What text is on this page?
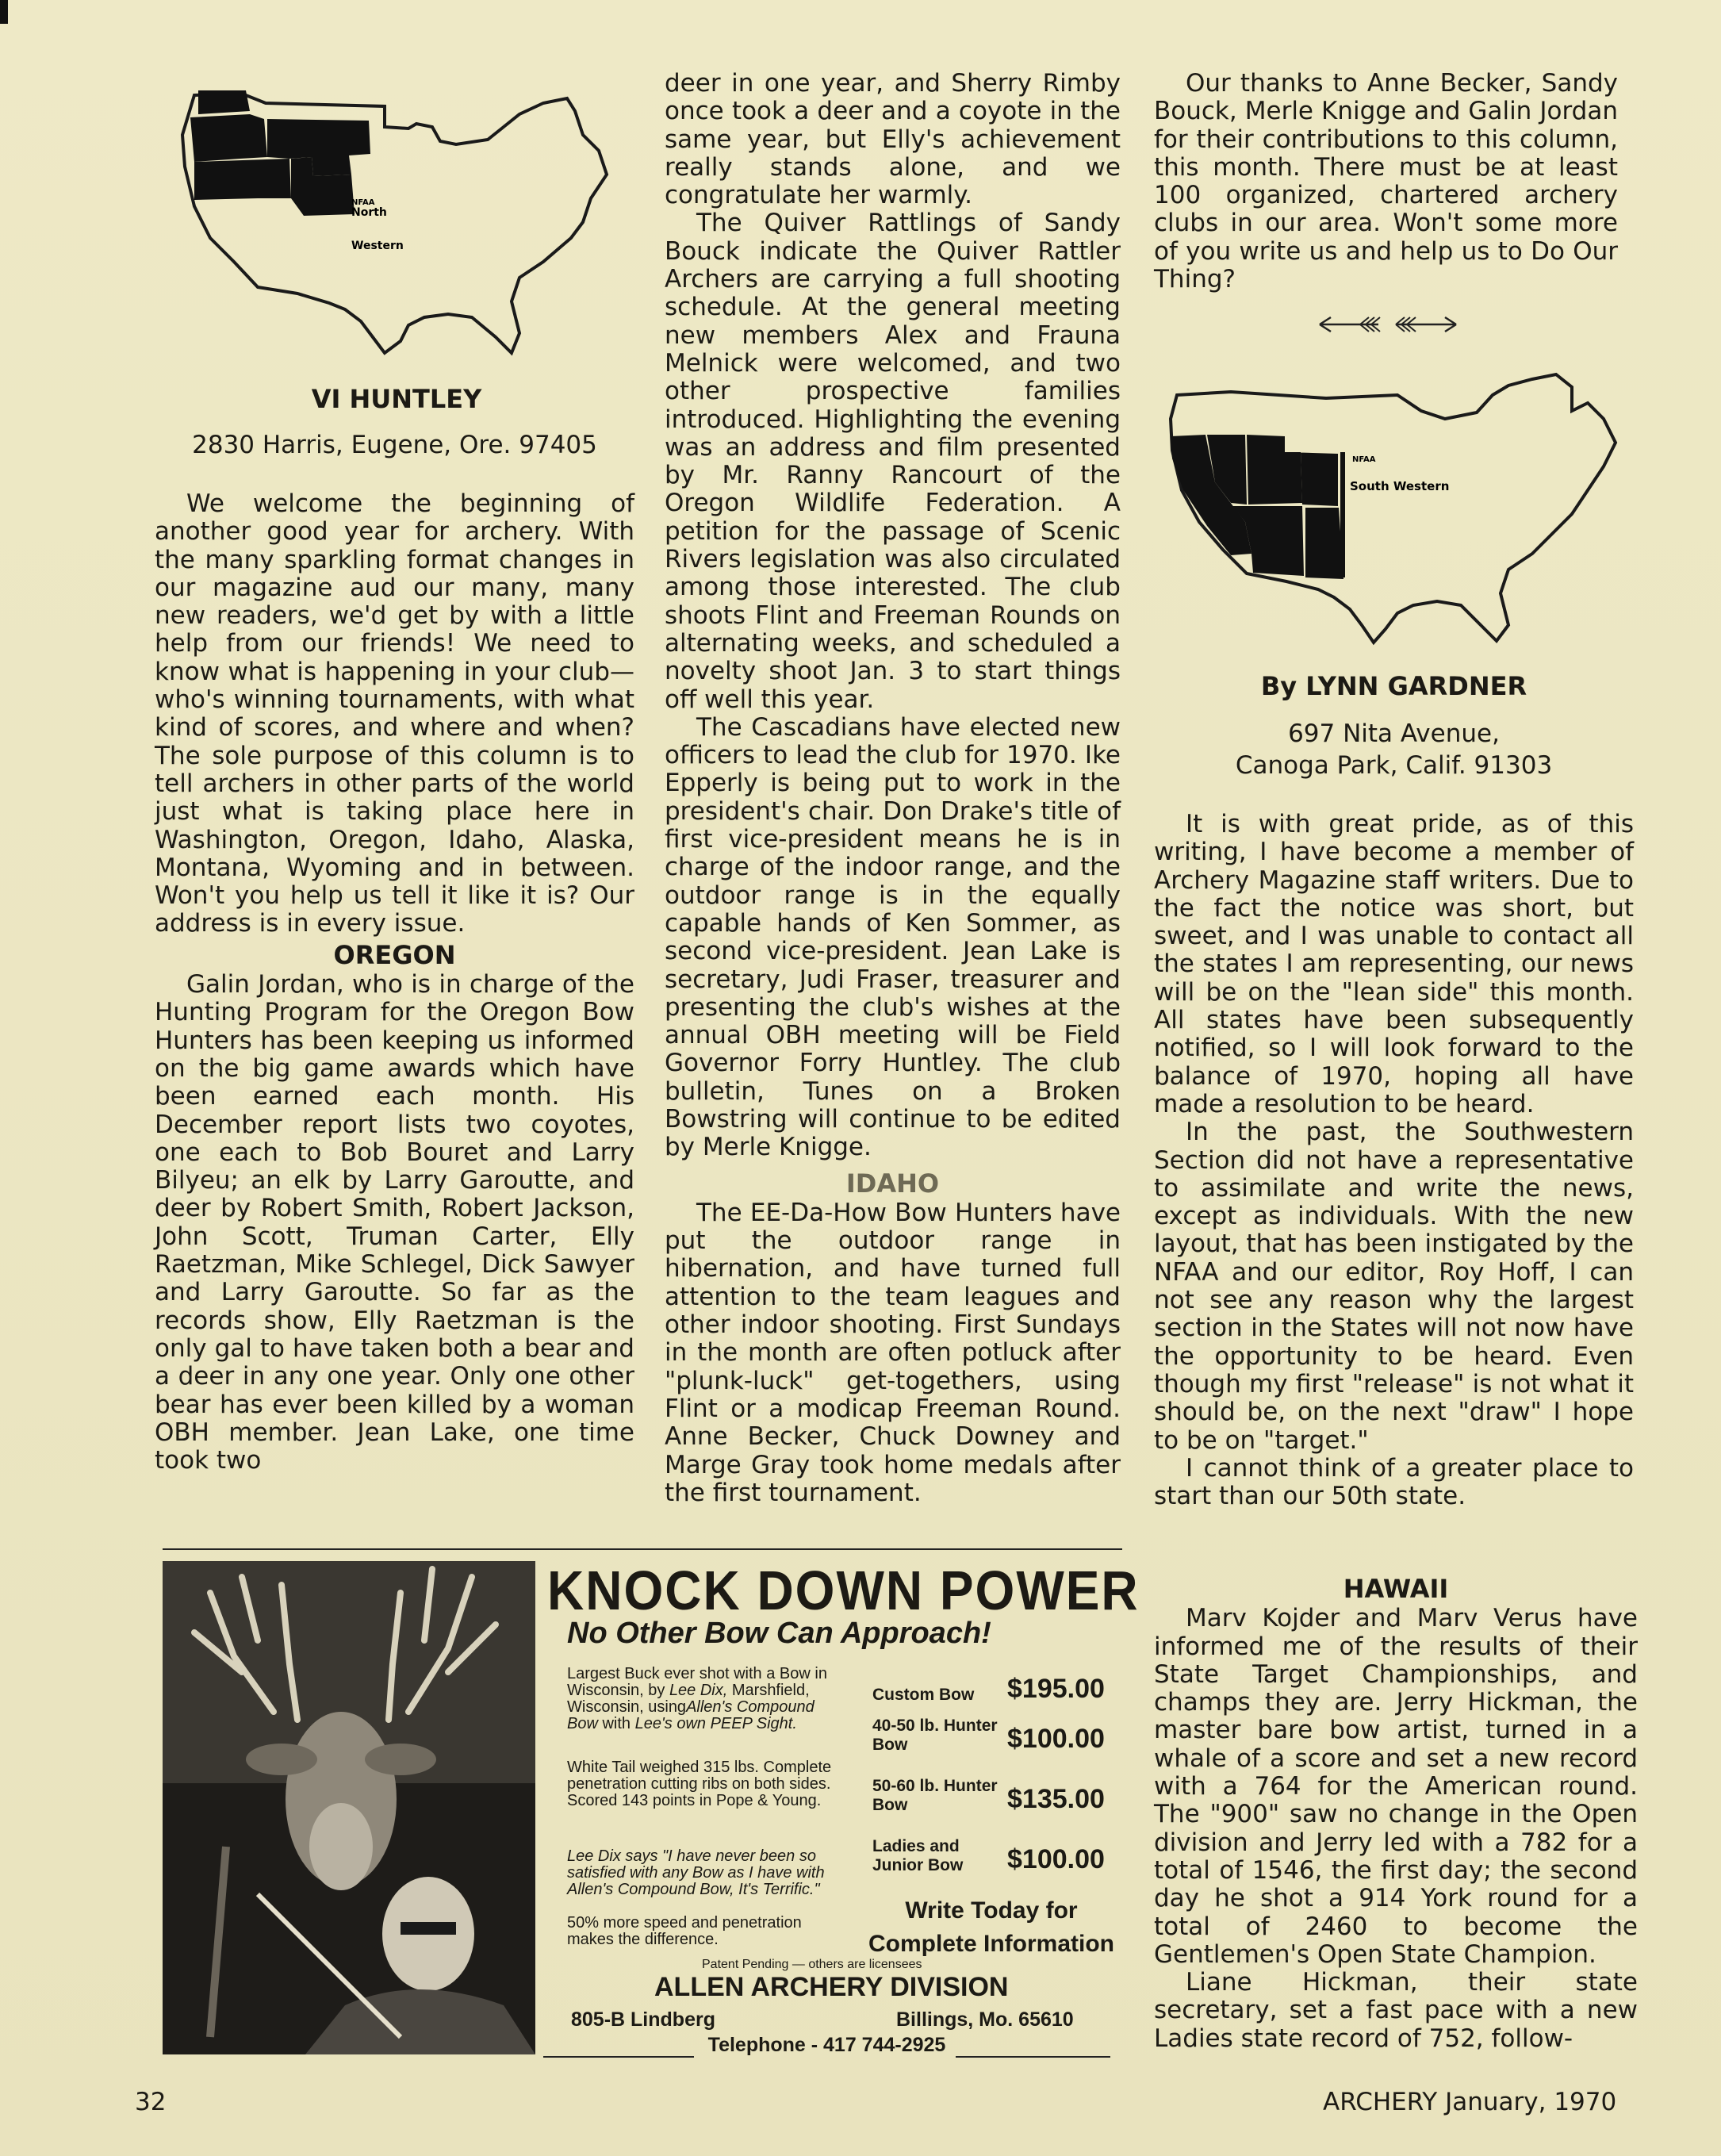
NFAA
North
Western
VI HUNTLEY
2830 Harris, Eugene, Ore. 97405

We welcome the beginning of another good year for archery. With the many sparkling format changes in our magazine aud our many, many new readers, we'd get by with a little help from our friends! We need to know what is happening in your club—who's winning tournaments, with what kind of scores, and where and when? The sole purpose of this column is to tell archers in other parts of the world just what is taking place here in Washington, Oregon, Idaho, Alaska, Montana, Wyoming and in between. Won't you help us tell it like it is? Our address is in every issue.

OREGON

Galin Jordan, who is in charge of the Hunting Program for the Oregon Bow Hunters has been keeping us informed on the big game awards which have been earned each month. His December report lists two coyotes, one each to Bob Bouret and Larry Bilyeu; an elk by Larry Garoutte, and deer by Robert Smith, Robert Jackson, John Scott, Truman Carter, Elly Raetzman, Mike Schlegel, Dick Sawyer and Larry Garoutte. So far as the records show, Elly Raetzman is the only gal to have taken both a bear and a deer in any one year. Only one other bear has ever been killed by a woman OBH member. Jean Lake, one time took two

deer in one year, and Sherry Rimby once took a deer and a coyote in the same year, but Elly's achievement really stands alone, and we congratulate her warmly.

The Quiver Rattlings of Sandy Bouck indicate the Quiver Rattler Archers are carrying a full shooting schedule. At the general meeting new members Alex and Frauna Melnick were welcomed, and two other prospective families introduced. Highlighting the evening was an address and film presented by Mr. Ranny Rancourt of the Oregon Wildlife Federation. A petition for the passage of Scenic Rivers legislation was also circulated among those interested. The club shoots Flint and Freeman Rounds on alternating weeks, and scheduled a novelty shoot Jan. 3 to start things off well this year.

The Cascadians have elected new officers to lead the club for 1970. Ike Epperly is being put to work in the president's chair. Don Drake's title of first vice-president means he is in charge of the indoor range, and the outdoor range is in the equally capable hands of Ken Sommer, as second vice-president. Jean Lake is secretary, Judi Fraser, treasurer and presenting the club's wishes at the annual OBH meeting will be Field Governor Forry Huntley. The club bulletin, Tunes on a Broken Bowstring will continue to be edited by Merle Knigge.

IDAHO

The EE-Da-How Bow Hunters have put the outdoor range in hibernation, and have turned full attention to the team leagues and other indoor shooting. First Sundays in the month are often potluck after "plunk-luck" get-togethers, using Flint or a modicap Freeman Round. Anne Becker, Chuck Downey and Marge Gray took home medals after the first tournament.

Our thanks to Anne Becker, Sandy Bouck, Merle Knigge and Galin Jordan for their contributions to this column, this month. There must be at least 100 organized, chartered archery clubs in our area. Won't some more of you write us and help us to Do Our Thing?

NFAA
South Western
By LYNN GARDNER
697 Nita Avenue,
Canoga Park, Calif. 91303

It is with great pride, as of this writing, I have become a member of Archery Magazine staff writers. Due to the fact the notice was short, but sweet, and I was unable to contact all the states I am representing, our news will be on the "lean side" this month. All states have been subsequently notified, so I will look forward to the balance of 1970, hoping all have made a resolution to be heard.

In the past, the Southwestern Section did not have a representative to assimilate and write the news, except as individuals. With the new layout, that has been instigated by the NFAA and our editor, Roy Hoff, I can not see any reason why the largest section in the States will not now have the opportunity to be heard. Even though my first "release" is not what it should be, on the next "draw" I hope to be on "target."

I cannot think of a greater place to start than our 50th state.

HAWAII

Marv Kojder and Marv Verus have informed me of the results of their State Target Championships, and champs they are. Jerry Hickman, the master bare bow artist, turned in a whale of a score and set a new record with a 764 for the American round. The "900" saw no change in the Open division and Jerry led with a 782 for a total of 1546, the first day; the second day he shot a 914 York round for a total of 2460 to become the Gentlemen's Open State Champion.

Liane Hickman, their state secretary, set a fast pace with a new Ladies state record of 752, follow-

KNOCK DOWN POWER
No Other Bow Can Approach!
Largest Buck ever shot with a Bow in Wisconsin, by Lee Dix, Marshfield, Wisconsin, usingAllen's Compound Bow with Lee's own PEEP Sight.
White Tail weighed 315 lbs. Complete penetration cutting ribs on both sides. Scored 143 points in Pope & Young.
Lee Dix says "I have never been so satisfied with any Bow as I have with Allen's Compound Bow, It's Terrific."
50% more speed and penetration makes the difference.
Custom Bow $195.00
40-50 lb. Hunter Bow	$100.00
50-60 lb. Hunter Bow	$135.00
Ladies and Junior Bow $100.00
Write Today for
Complete Information
Patent Pending — others are licensees
ALLEN ARCHERY DIVISION
805-B Lindberg	Billings, Mo. 65610
Telephone - 417 744-2925
32	ARCHERY January, 1970
